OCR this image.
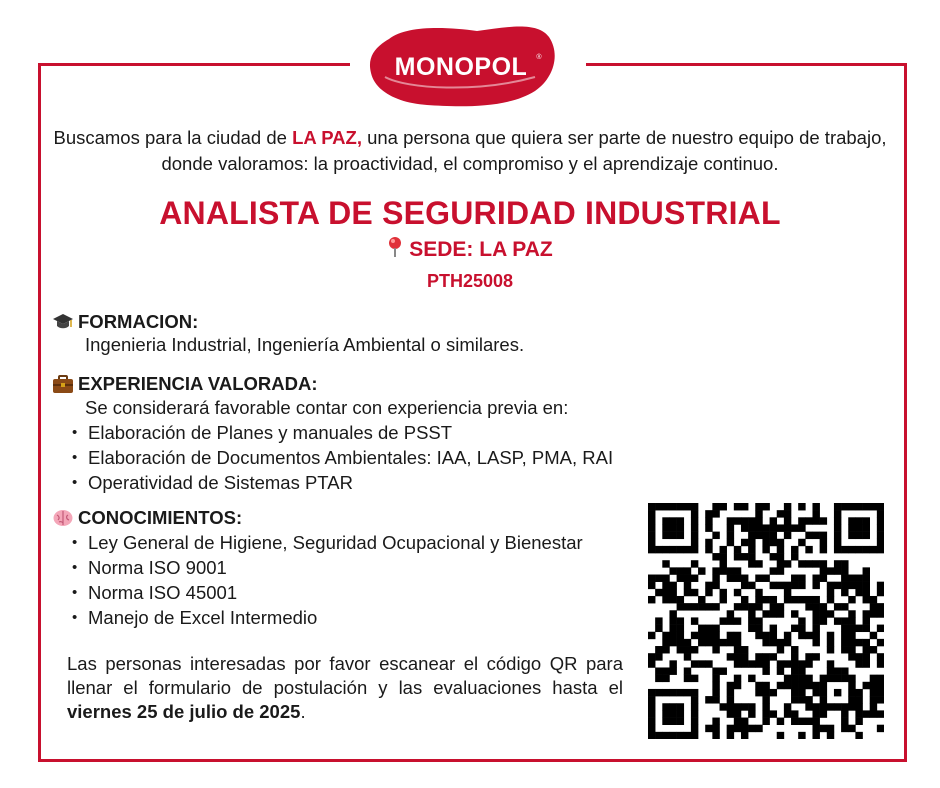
MONOPOL ®
Buscamos para la ciudad de LA PAZ, una persona que quiera ser parte de nuestro equipo de trabajo, donde valoramos: la proactividad, el compromiso y el aprendizaje continuo.
ANALISTA DE SEGURIDAD INDUSTRIAL
SEDE: LA PAZ
PTH25008
FORMACION:
Ingenieria Industrial, Ingeniería Ambiental o similares.
EXPERIENCIA VALORADA:
Se considerará favorable contar con experiencia previa en:
• Elaboración de Planes y manuales de PSST
• Elaboración de Documentos Ambientales: IAA, LASP, PMA, RAI
• Operatividad de Sistemas PTAR
CONOCIMIENTOS:
• Ley General de Higiene, Seguridad Ocupacional y Bienestar
• Norma ISO 9001
• Norma ISO 45001
• Manejo de Excel Intermedio
Las personas interesadas por favor escanear el código QR para llenar el formulario de postulación y las evaluaciones hasta el viernes 25 de julio de 2025.
